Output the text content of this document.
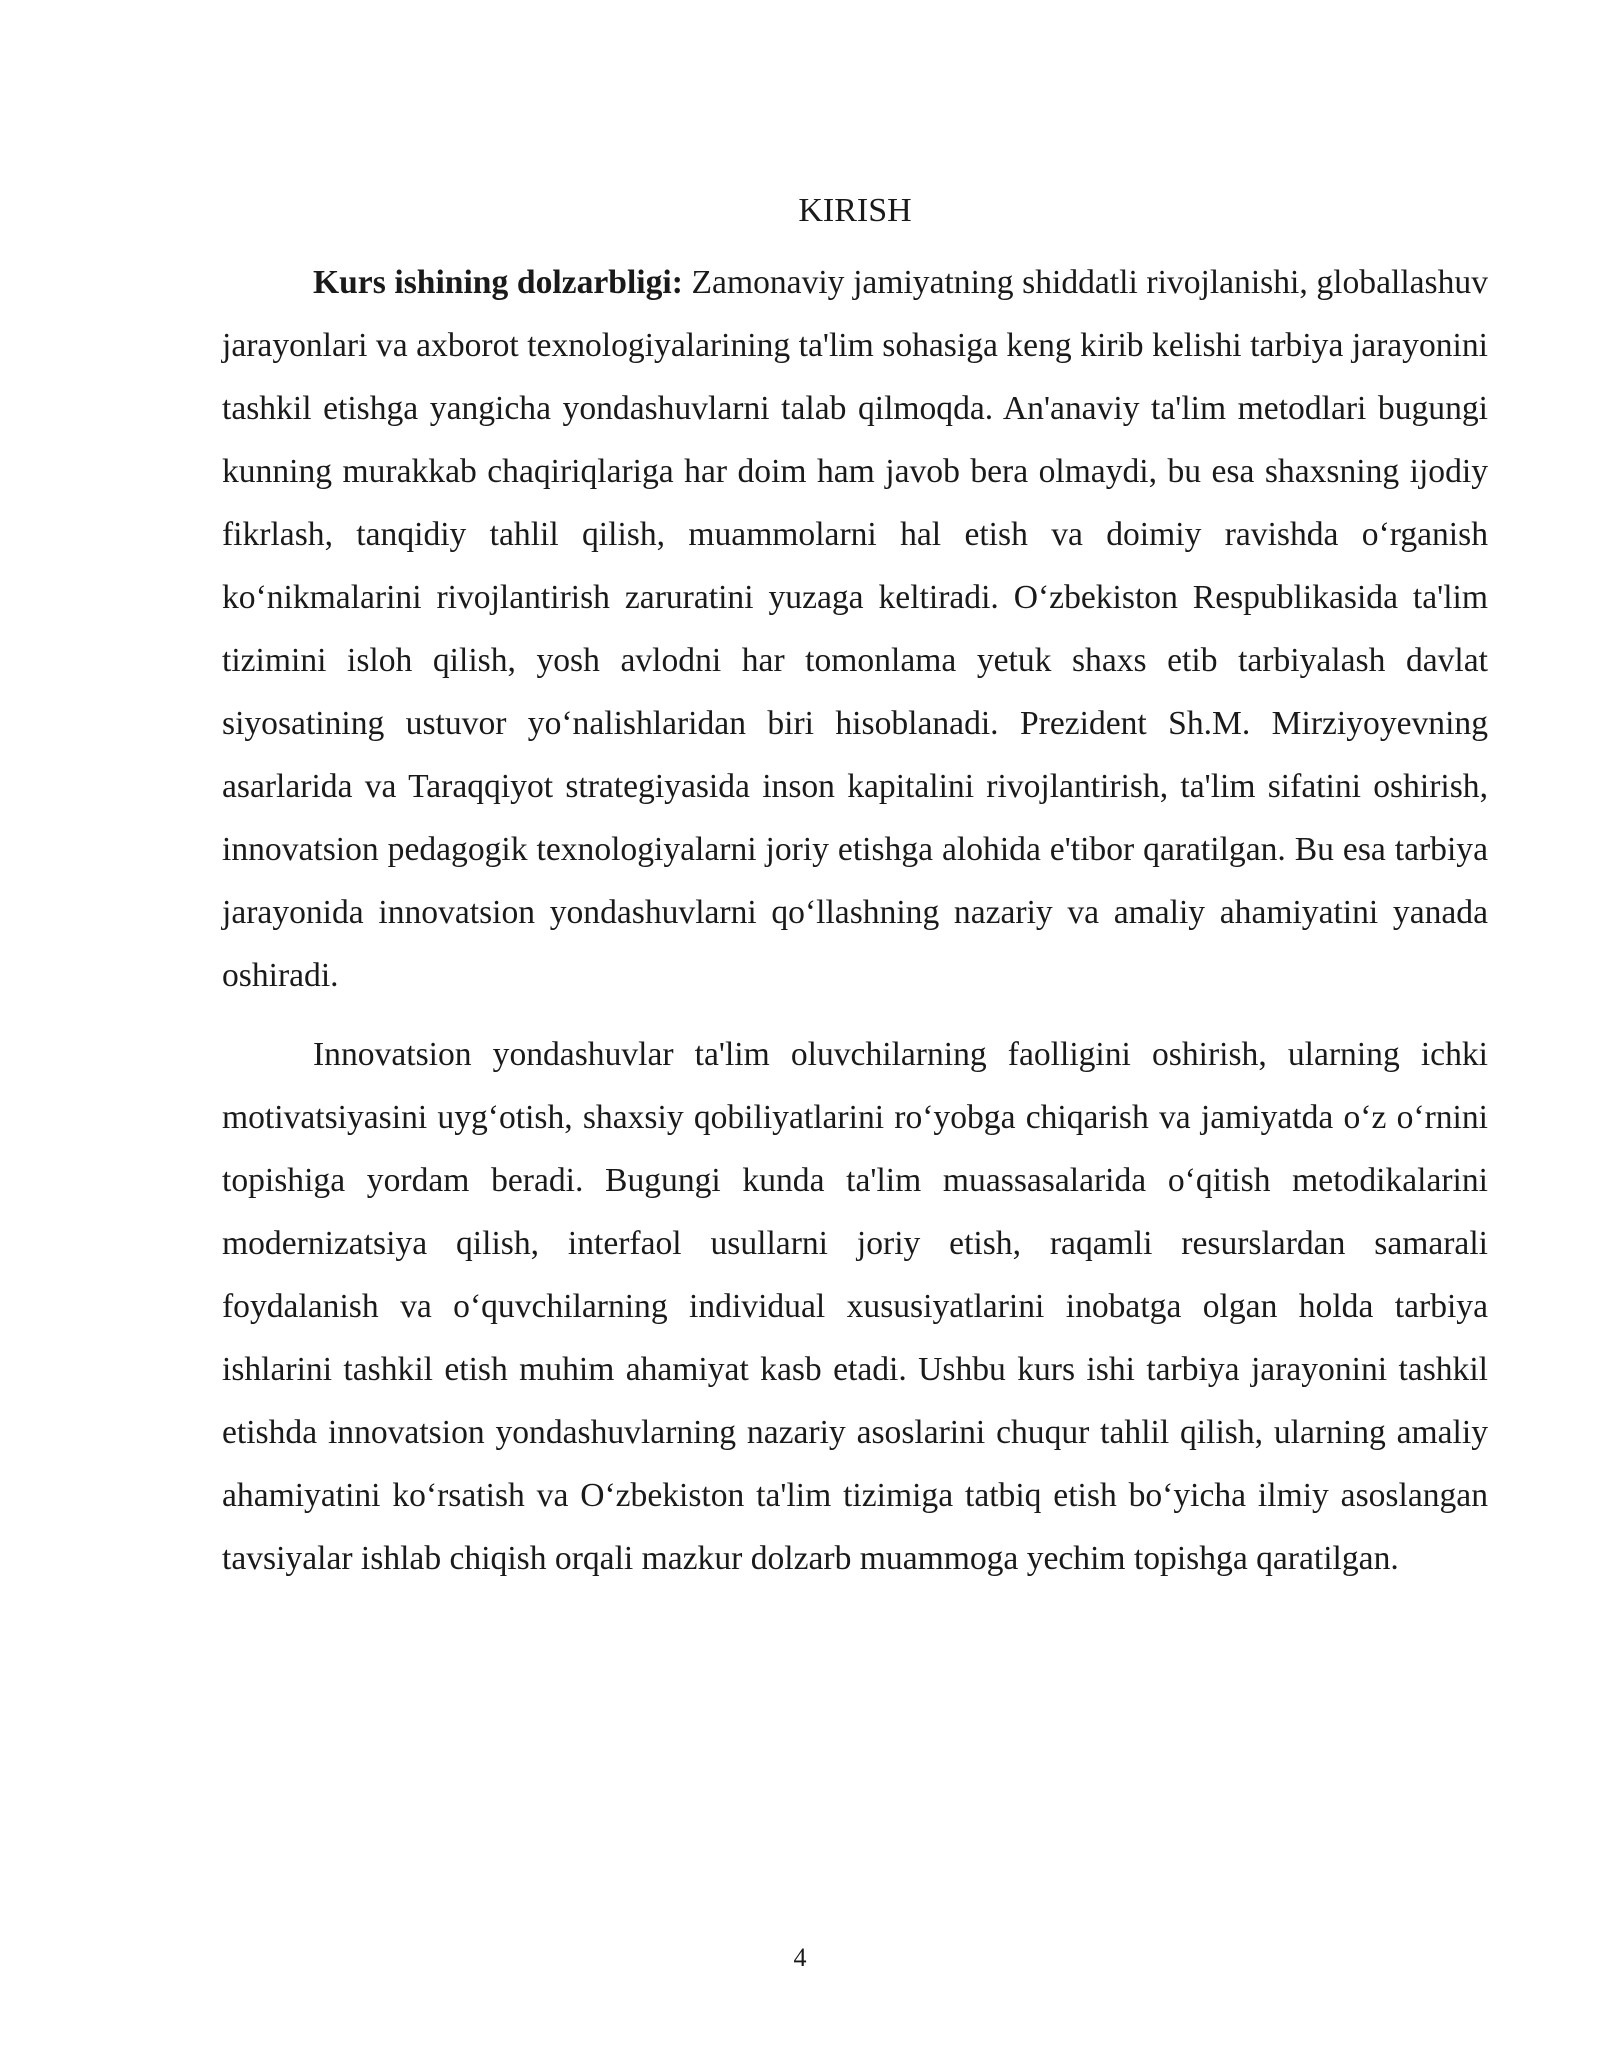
KIRISH

Kurs ishining dolzarbligi: Zamonaviy jamiyatning shiddatli rivojlanishi, globallashuv jarayonlari va axborot texnologiyalarining ta'lim sohasiga keng kirib kelishi tarbiya jarayonini tashkil etishga yangicha yondashuvlarni talab qilmoqda. An'anaviy ta'lim metodlari bugungi kunning murakkab chaqiriqlariga har doim ham javob bera olmaydi, bu esa shaxsning ijodiy fikrlash, tanqidiy tahlil qilish, muammolarni hal etish va doimiy ravishda o‘rganish ko‘nikmalarini rivojlantirish zaruratini yuzaga keltiradi. O‘zbekiston Respublikasida ta'lim tizimini isloh qilish, yosh avlodni har tomonlama yetuk shaxs etib tarbiyalash davlat siyosatining ustuvor yo‘nalishlaridan biri hisoblanadi. Prezident Sh.M. Mirziyoyevning asarlarida va Taraqqiyot strategiyasida inson kapitalini rivojlantirish, ta'lim sifatini oshirish, innovatsion pedagogik texnologiyalarni joriy etishga alohida e'tibor qaratilgan. Bu esa tarbiya jarayonida innovatsion yondashuvlarni qo‘llashning nazariy va amaliy ahamiyatini yanada oshiradi.

Innovatsion yondashuvlar ta'lim oluvchilarning faolligini oshirish, ularning ichki motivatsiyasini uyg‘otish, shaxsiy qobiliyatlarini ro‘yobga chiqarish va jamiyatda o‘z o‘rnini topishiga yordam beradi. Bugungi kunda ta'lim muassasalarida o‘qitish metodikalarini modernizatsiya qilish, interfaol usullarni joriy etish, raqamli resurslardan samarali foydalanish va o‘quvchilarning individual xususiyatlarini inobatga olgan holda tarbiya ishlarini tashkil etish muhim ahamiyat kasb etadi. Ushbu kurs ishi tarbiya jarayonini tashkil etishda innovatsion yondashuvlarning nazariy asoslarini chuqur tahlil qilish, ularning amaliy ahamiyatini ko‘rsatish va O‘zbekiston ta'lim tizimiga tatbiq etish bo‘yicha ilmiy asoslangan tavsiyalar ishlab chiqish orqali mazkur dolzarb muammoga yechim topishga qaratilgan.

4
